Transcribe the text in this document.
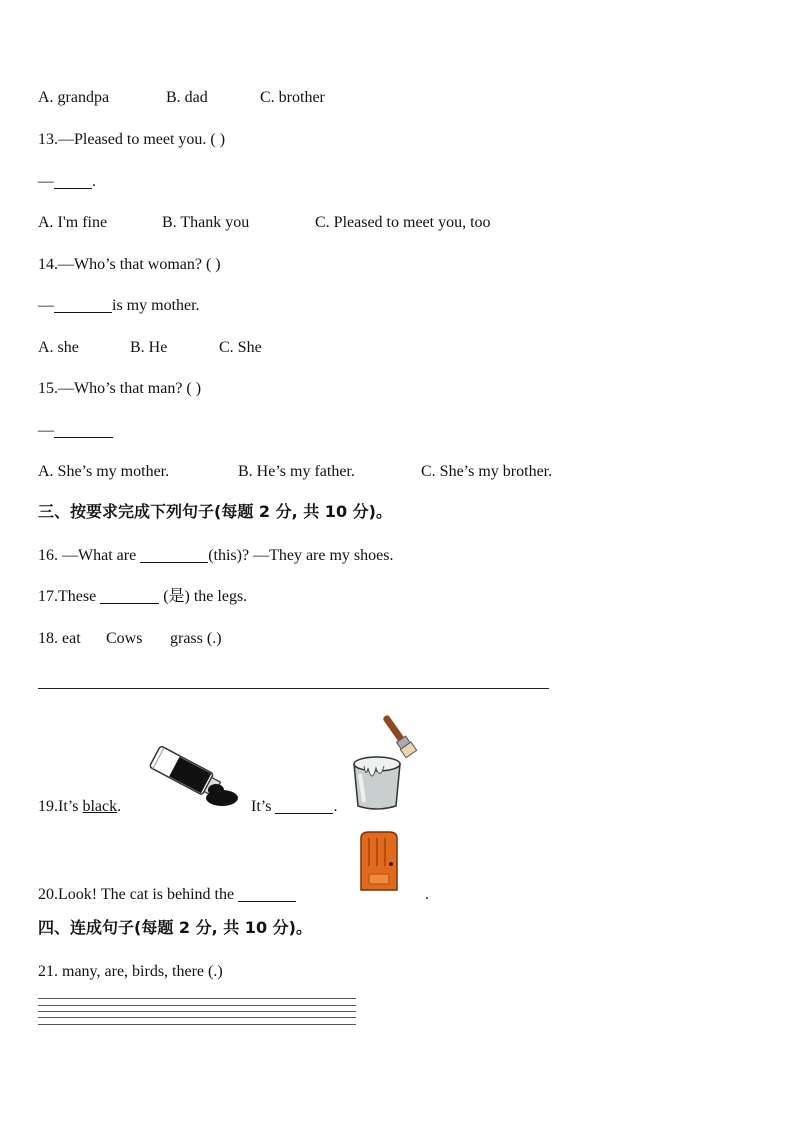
A. grandpa	B. dad	C. brother
13.—Pleased to meet you. ( )
— .
A. I'm fine	B. Thank you	C. Pleased to meet you, too
14.—Who’s that woman? ( )
—	is my mother.
A. she	B. He	C. She
15.—Who’s that man? ( )
—
A. She’s my mother.	B. He’s my father.	C. She’s my brother.
三、按要求完成下列句子(每题 2 分, 共 10 分)。
16. —What are	(this)? —They are my shoes.
17.These	(是) the legs.
18. eat Cows grass (.)
19.It’s black.	It’s	.
20.Look! The cat is behind the	.
四、连成句子(每题 2 分, 共 10 分)。
21. many, are, birds, there (.)
